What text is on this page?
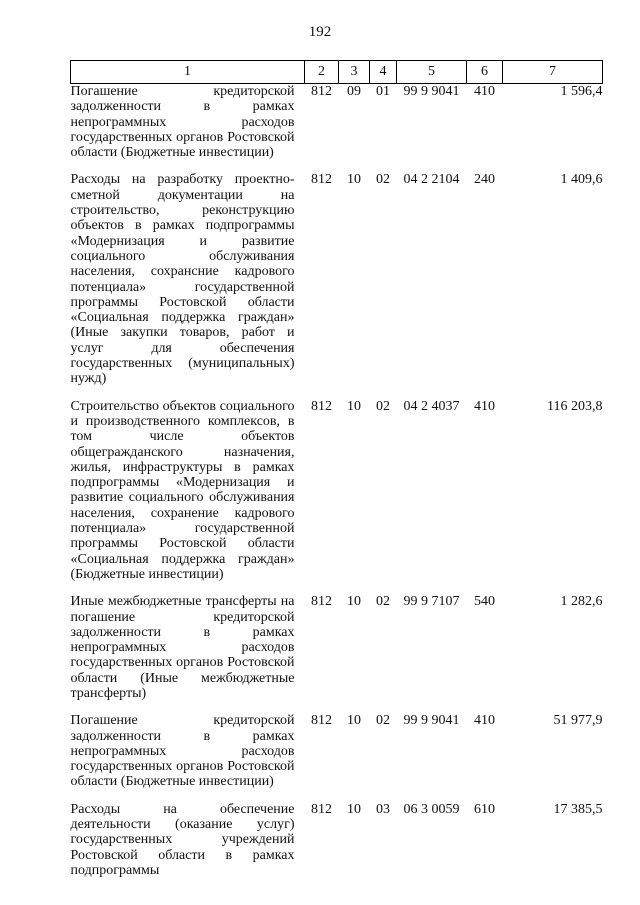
192
1	2	3	4	5	6	7
Погашение кредиторской задолженности в рамках непрограммных расходов государственных органов Ростовской области (Бюджетные инвестиции)	812	09	01	99 9 9041	410	1 596,4
Расходы на разработку проектно-сметной документации на строительство, реконструкцию объектов в рамках подпрограммы «Модернизация и развитие социального обслуживания населения, сохрансние кадрового потенциала» государственной программы Ростовской области «Социальная поддержка граждан» (Иные закупки товаров, работ и услуг для обеспечения государственных (муниципальных) нужд)	812	10	02	04 2 2104	240	1 409,6
Строительство объектов социального и производственного комплексов, в том числе объектов общегражданского назначения, жилья, инфраструктуры в рамках подпрограммы «Модернизация и развитие социального обслуживания населения, сохранение кадрового потенциала» государственной программы Ростовской области «Социальная поддержка граждан» (Бюджетные инвестиции)	812	10	02	04 2 4037	410	116 203,8
Иные межбюджетные трансферты на погашение кредиторской задолженности в рамках непрограммных расходов государственных органов Ростовской области (Иные межбюджетные трансферты)	812	10	02	99 9 7107	540	1 282,6
Погашение кредиторской задолженности в рамках непрограммных расходов государственных органов Ростовской области (Бюджетные инвестиции)	812	10	02	99 9 9041	410	51 977,9
Расходы на обеспечение деятельности (оказание услуг) государственных учреждений Ростовской области в рамках подпрограммы	812	10	03	06 3 0059	610	17 385,5
